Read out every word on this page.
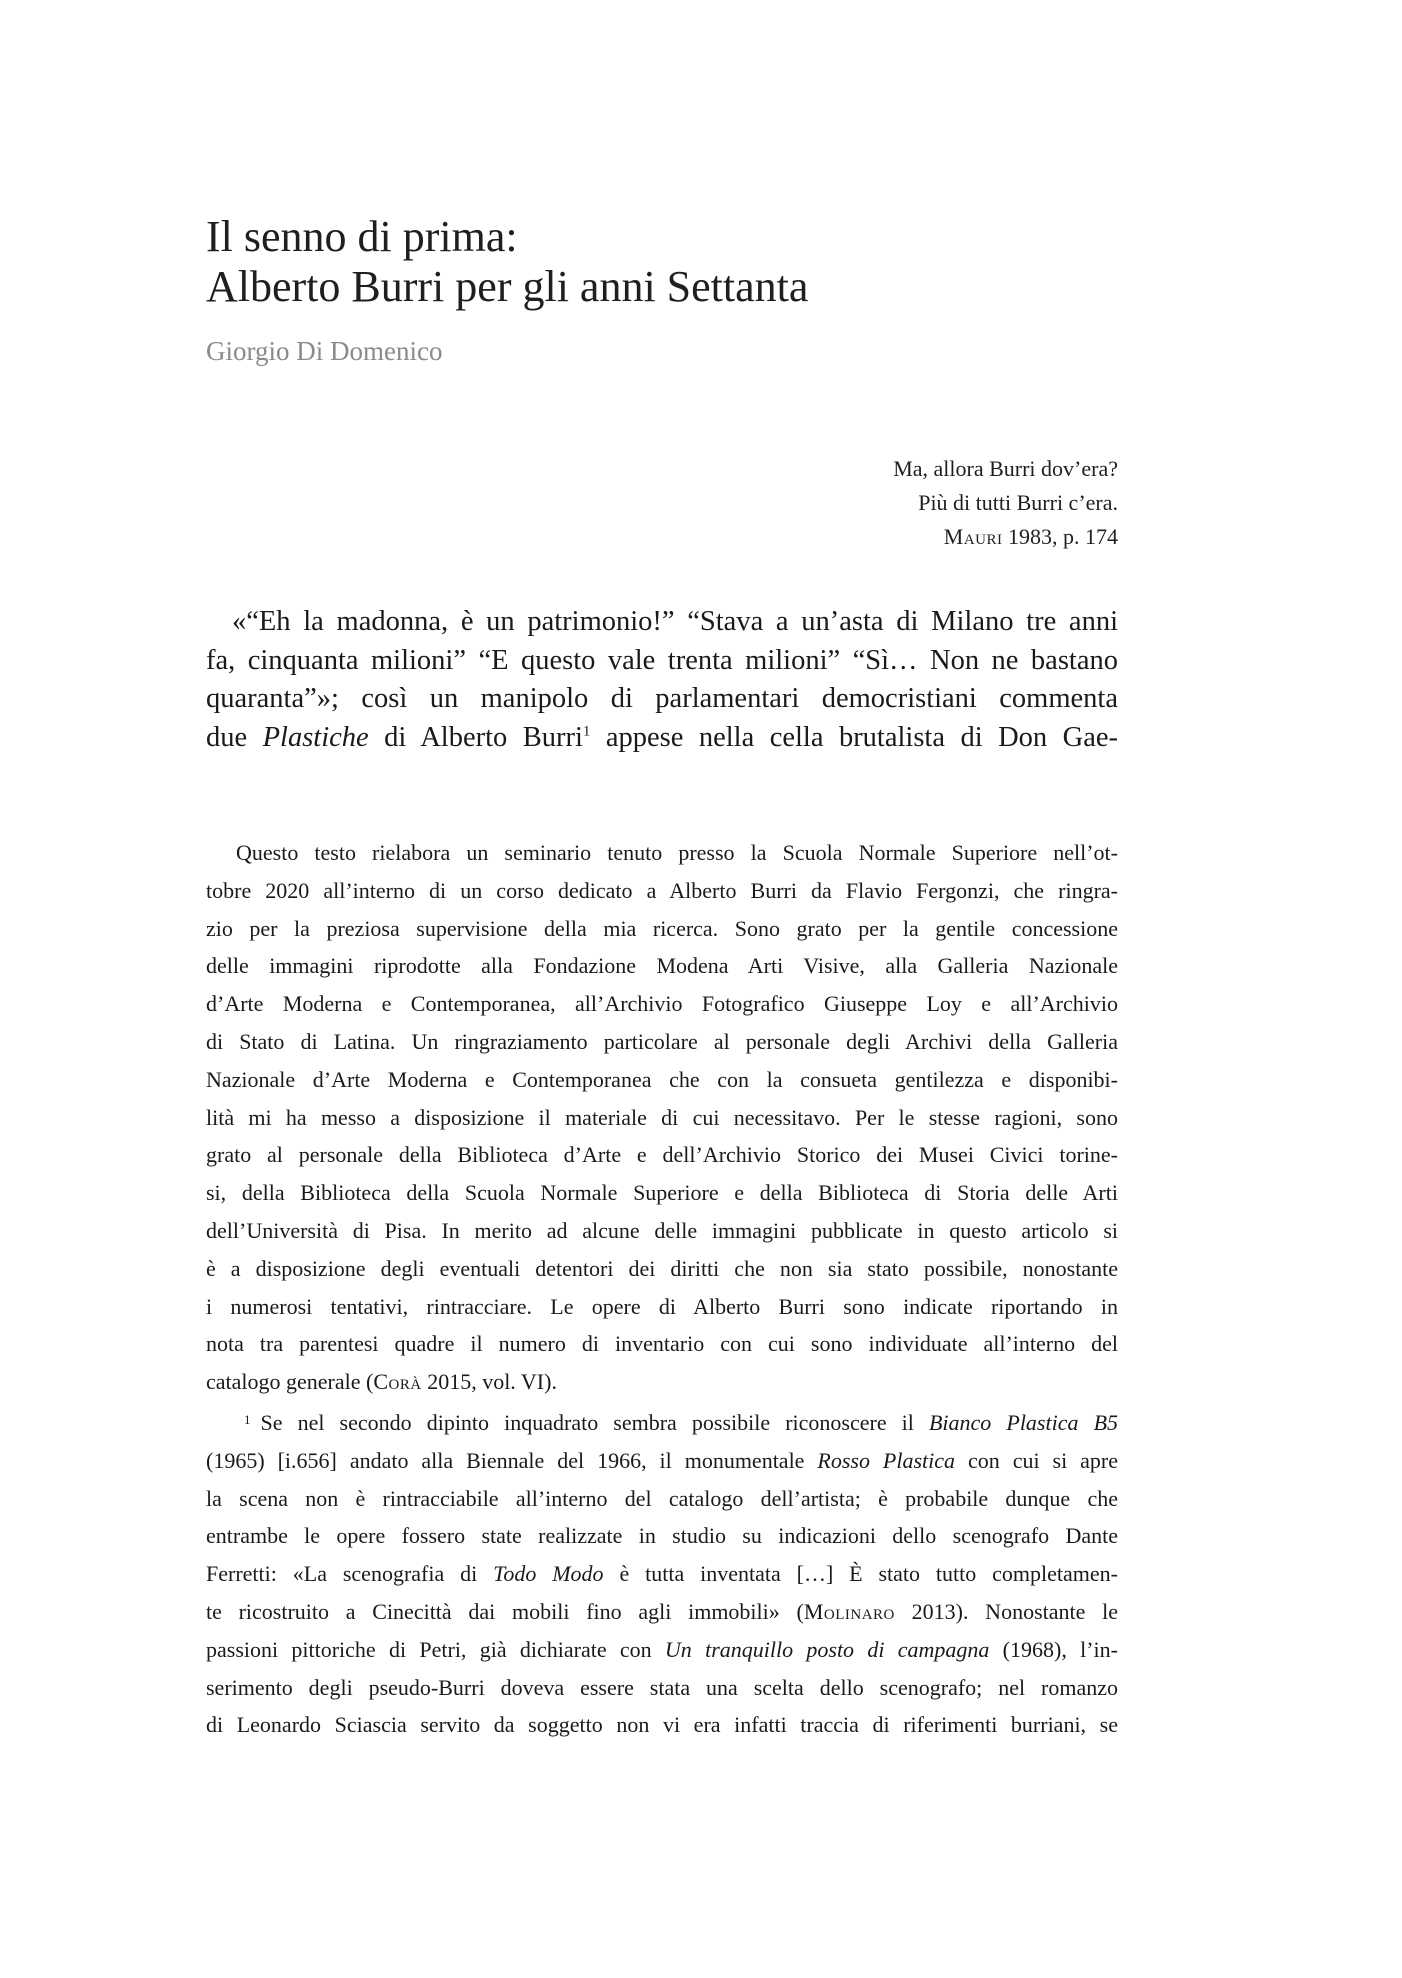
Il senno di prima:
Alberto Burri per gli anni Settanta
Giorgio Di Domenico
Ma, allora Burri dov’era?
Più di tutti Burri c’era.
Mauri 1983, p. 174
«“Eh la madonna, è un patrimonio!” “Stava a un’asta di Milano tre anni
fa, cinquanta milioni” “E questo vale trenta milioni” “Sì… Non ne bastano
quaranta”»; così un manipolo di parlamentari democristiani commenta
due Plastiche di Alberto Burri$^1$ appese nella cella brutalista di Don Gae-
Questo testo rielabora un seminario tenuto presso la Scuola Normale Superiore nell’ot-
tobre 2020 all’interno di un corso dedicato a Alberto Burri da Flavio Fergonzi, che ringra-
zio per la preziosa supervisione della mia ricerca. Sono grato per la gentile concessione
delle immagini riprodotte alla Fondazione Modena Arti Visive, alla Galleria Nazionale
d’Arte Moderna e Contemporanea, all’Archivio Fotografico Giuseppe Loy e all’Archivio
di Stato di Latina. Un ringraziamento particolare al personale degli Archivi della Galleria
Nazionale d’Arte Moderna e Contemporanea che con la consueta gentilezza e disponibi-
lità mi ha messo a disposizione il materiale di cui necessitavo. Per le stesse ragioni, sono
grato al personale della Biblioteca d’Arte e dell’Archivio Storico dei Musei Civici torine-
si, della Biblioteca della Scuola Normale Superiore e della Biblioteca di Storia delle Arti
dell’Università di Pisa. In merito ad alcune delle immagini pubblicate in questo articolo si
è a disposizione degli eventuali detentori dei diritti che non sia stato possibile, nonostante
i numerosi tentativi, rintracciare. Le opere di Alberto Burri sono indicate riportando in
nota tra parentesi quadre il numero di inventario con cui sono individuate all’interno del
catalogo generale (Corà 2015, vol. VI).
$^1$ Se nel secondo dipinto inquadrato sembra possibile riconoscere il Bianco Plastica B5
(1965) [i.656] andato alla Biennale del 1966, il monumentale Rosso Plastica con cui si apre
la scena non è rintracciabile all’interno del catalogo dell’artista; è probabile dunque che
entrambe le opere fossero state realizzate in studio su indicazioni dello scenografo Dante
Ferretti: «La scenografia di Todo Modo è tutta inventata […] È stato tutto completamen-
te ricostruito a Cinecittà dai mobili fino agli immobili» (Molinaro 2013). Nonostante le
passioni pittoriche di Petri, già dichiarate con Un tranquillo posto di campagna (1968), l’in-
serimento degli pseudo-Burri doveva essere stata una scelta dello scenografo; nel romanzo
di Leonardo Sciascia servito da soggetto non vi era infatti traccia di riferimenti burriani, se
